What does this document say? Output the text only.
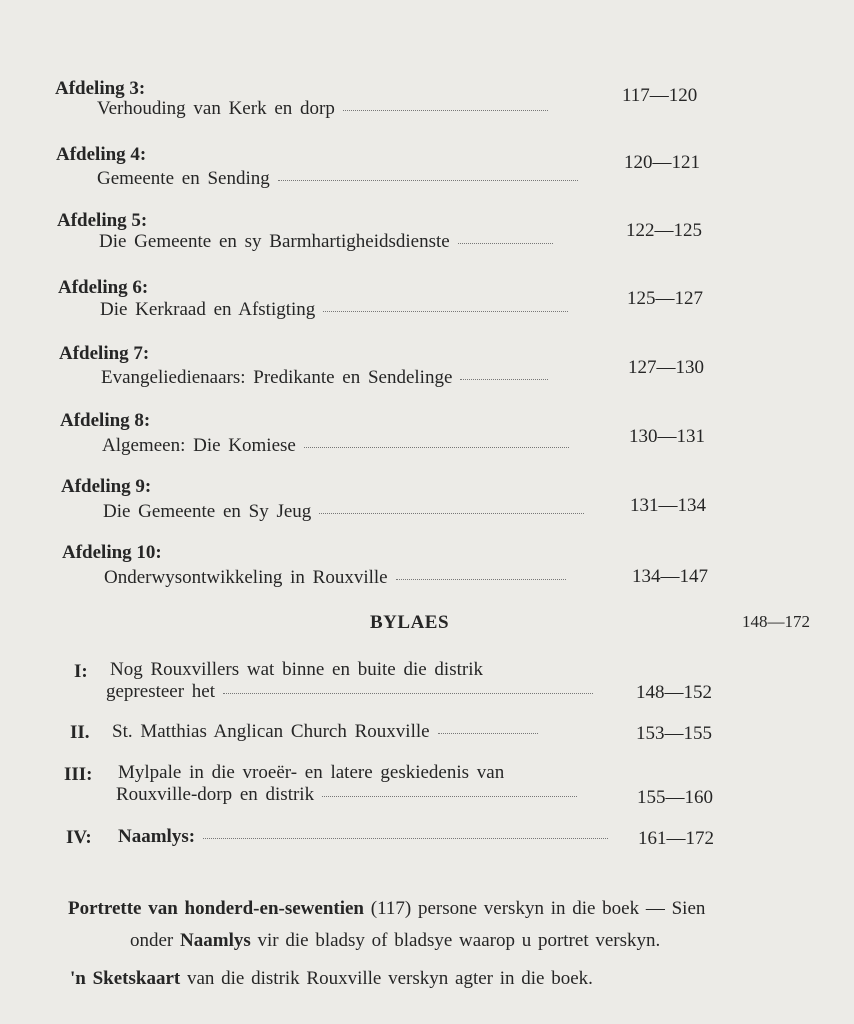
Afdeling 3:
Verhouding van Kerk en dorp
117—120
Afdeling 4:
Gemeente en Sending
120—121
Afdeling 5:
Die Gemeente en sy Barmhartigheidsdienste
122—125
Afdeling 6:
Die Kerkraad en Afstigting
125—127
Afdeling 7:
Evangeliedienaars: Predikante en Sendelinge	127—130
Afdeling 8:
Algemeen: Die Komiese	130—131
Afdeling 9:
Die Gemeente en Sy Jeug	131—134
Afdeling 10:
Onderwysontwikkeling in Rouxville	134—147
BYLAES	148—172
I: Nog Rouxvillers wat binne en buite die distrik
gepresteer het	148—152
II. St. Matthias Anglican Church Rouxville	153—155
III: Mylpale in die vroeër- en latere geskiedenis van
Rouxville-dorp en distrik	155—160
IV: Naamlys:	161—172
Portrette van honderd-en-sewentien (117) persone verskyn in die boek — Sien
onder Naamlys vir die bladsy of bladsye waarop u portret verskyn.
'n Sketskaart van die distrik Rouxville verskyn agter in die boek.
